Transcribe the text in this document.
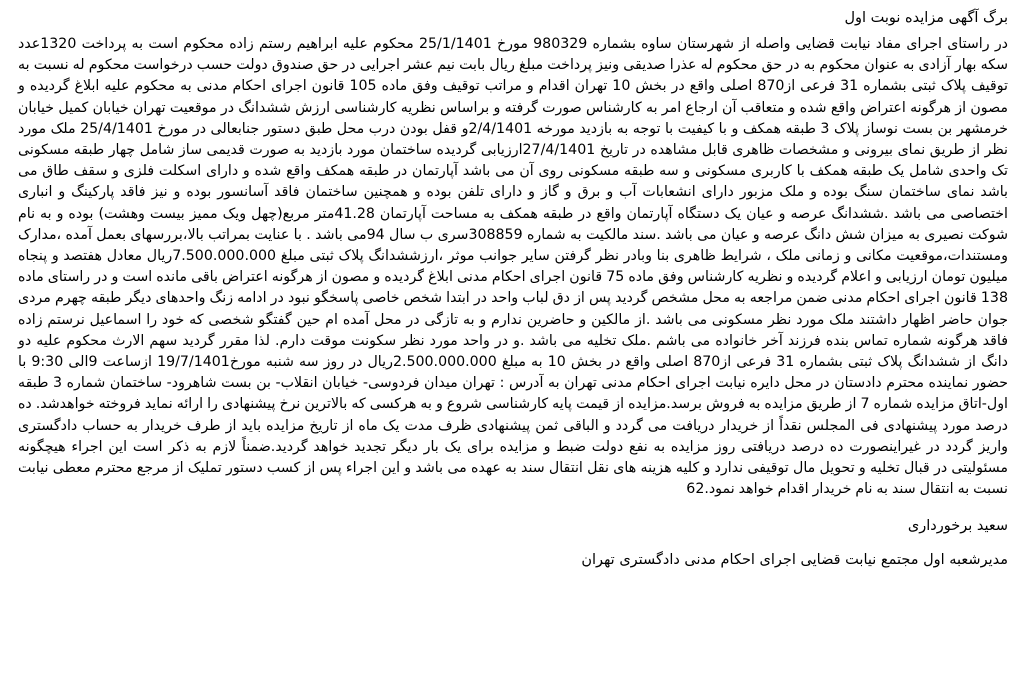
برگ آگهی مزایده نوبت اول

در راستای اجرای مفاد نیابت قضایی واصله از شهرستان ساوه بشماره 980329 مورخ 25/1/1401 محکوم علیه ابراهیم رستم زاده محکوم است به پرداخت 1320عدد سکه بهار آزادی به عنوان محکوم به در حق محکوم له عذرا صدیقی ونیز پرداخت مبلغ ریال بابت نیم عشر اجرایی در حق صندوق دولت حسب درخواست محکوم له نسبت به توقیف پلاک ثبتی بشماره 31 فرعی از870 اصلی واقع در بخش 10 تهران اقدام و مراتب توقیف وفق ماده 105 قانون اجرای احکام مدنی به محکوم علیه ابلاغ گردیده و مصون از هرگونه اعتراض واقع شده و متعاقب آن ارجاع امر به کارشناس صورت گرفته و براساس نظریه کارشناسی ارزش ششدانگ در موقعیت تهران خیابان کمیل خیابان خرمشهر بن بست نوساز پلاک 3 طبقه همکف و با کیفیت با توجه به بازدید مورخه 2/4/1401و قفل بودن درب محل طبق دستور جنابعالی در مورخ 25/4/1401 ملک مورد نظر از طریق نمای بیرونی و مشخصات ظاهری قابل مشاهده در تاریخ 27/4/1401ارزیابی گردیده ساختمان مورد بازدید به صورت قدیمی ساز شامل چهار طبقه مسکونی تک واحدی شامل یک طبقه همکف با کاربری مسکونی و سه طبقه مسکونی روی آن می باشد آپارتمان در طبقه همکف واقع شده و دارای اسکلت فلزی و سقف طاق می باشد نمای ساختمان سنگ بوده و ملک مزبور دارای انشعابات آب و برق و گاز و دارای تلفن بوده و همچنین ساختمان فاقد آسانسور بوده و نیز فاقد پارکینگ و انباری اختصاصی می باشد .ششدانگ عرصه و عیان یک دستگاه آپارتمان واقع در طبقه همکف به مساحت آپارتمان 41.28متر مربع(چهل ویک ممیز بیست وهشت) بوده و به نام شوکت نصیری به میزان شش دانگ عرصه و عیان می باشد .سند مالکیت به شماره 308859سری ب سال 94می باشد . با عنایت بمراتب بالا،بررسهای بعمل آمده ،مدارک ومستندات،موقعیت مکانی و زمانی ملک ، شرایط ظاهری بنا وبادر نظر گرفتن سایر جوانب موثر ،ارزششدانگ پلاک ثبتی مبلغ 7.500.000.000ریال معادل هفتصد و پنجاه میلیون تومان ارزیابی و اعلام گردیده و نظریه کارشناس وفق ماده 75 قانون اجرای احکام مدنی ابلاغ گردیده و مصون از هرگونه اعتراض باقی مانده است و در راستای ماده 138 قانون اجرای احکام مدنی ضمن مراجعه به محل مشخص گردید پس از دق لباب واحد در ابتدا شخص خاصی پاسخگو نبود در ادامه زنگ واحدهای دیگر طبقه چهرم مردی جوان حاضر اظهار داشتند ملک مورد نظر مسکونی می باشد .از مالکین و حاضرین ندارم و به تازگی در محل آمده ام حین گفتگو شخصی که خود را اسماعیل نرستم زاده فاقد هرگونه شماره تماس بنده فرزند آخر خانواده می باشم .ملک تخلیه می باشد .و در واحد مورد نظر سکونت موقت دارم. لذا مقرر گردید سهم الارث محکوم علیه دو دانگ از ششدانگ پلاک ثبتی بشماره 31 فرعی از870 اصلی واقع در بخش 10 به مبلغ 2.500.000.000ریال در روز سه شنبه مورخ19/7/1401 ازساعت 9الی 9:30 با حضور نماینده محترم دادستان در محل دایره نیابت اجرای احکام مدنی تهران به آدرس : تهران میدان فردوسی- خیابان انقلاب- بن بست شاهرود- ساختمان شماره 3 طبقه اول-اتاق مزایده شماره 7 از طریق مزایده به فروش برسد.مزایده از قیمت پایه کارشناسی شروع و به هرکسی که بالاترین نرخ پیشنهادی را ارائه نماید فروخته خواهدشد. ده درصد مورد پیشنهادی فی المجلس نقداً از خریدار دریافت می گردد و الباقی ثمن پیشنهادی ظرف مدت یک ماه از تاریخ مزایده باید از طرف خریدار به حساب دادگستری واریز گردد در غیراینصورت ده درصد دریافتی روز مزایده به نفع دولت ضبط و مزایده برای یک بار دیگر تجدید خواهد گردید.ضمناً لازم به ذکر است این اجراء هیچگونه مسئولیتی در قبال تخلیه و تحویل مال توقیفی ندارد و کلیه هزینه های نقل انتقال سند به عهده می باشد و این اجراء پس از کسب دستور تملیک از مرجع محترم معطی نیابت نسبت به انتقال سند به نام خریدار اقدام خواهد نمود.62

سعید برخورداری

مدیرشعبه اول مجتمع نیابت قضایی اجرای احکام مدنی دادگستری تهران
